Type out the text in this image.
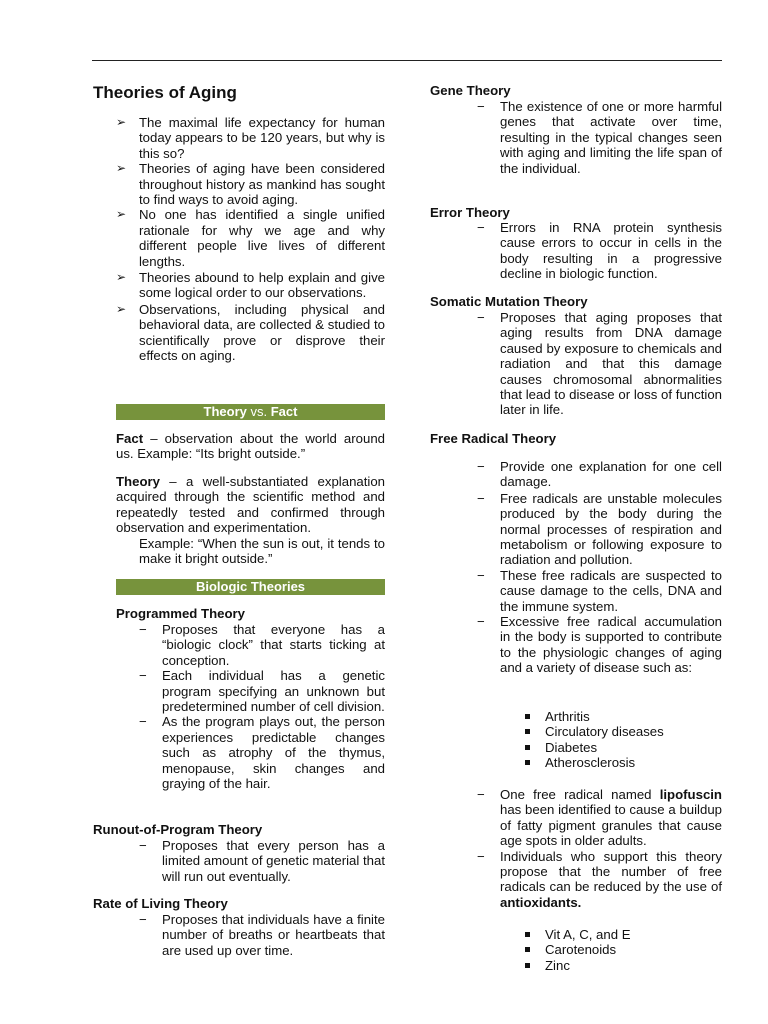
Theories of Aging
➢ The maximal life expectancy for human today appears to be 120 years, but why is this so?
➢ Theories of aging have been considered throughout history as mankind has sought to find ways to avoid aging.
➢ No one has identified a single unified rationale for why we age and why different people live lives of different lengths.
➢ Theories abound to help explain and give some logical order to our observations.
➢ Observations, including physical and behavioral data, are collected & studied to scientifically prove or disprove their effects on aging.
Theory vs. Fact

Fact – observation about the world around us. Example: “Its bright outside.”

Theory – a well-substantiated explanation acquired through the scientific method and repeatedly tested and confirmed through observation and experimentation.

Example: “When the sun is out, it tends to make it bright outside.”

Biologic Theories
Programmed Theory
− Proposes that everyone has a “biologic clock” that starts ticking at conception.
− Each individual has a genetic program specifying an unknown but predetermined number of cell division.
− As the program plays out, the person experiences predictable changes such as atrophy of the thymus, menopause, skin changes and graying of the hair.
Runout-of-Program Theory
− Proposes that every person has a limited amount of genetic material that will run out eventually.
Rate of Living Theory
− Proposes that individuals have a finite number of breaths or heartbeats that are used up over time.
Gene Theory
− The existence of one or more harmful genes that activate over time, resulting in the typical changes seen with aging and limiting the life span of the individual.
Error Theory
− Errors in RNA protein synthesis cause errors to occur in cells in the body resulting in a progressive decline in biologic function.
Somatic Mutation Theory
− Proposes that aging proposes that aging results from DNA damage caused by exposure to chemicals and radiation and that this damage causes chromosomal abnormalities that lead to disease or loss of function later in life.
Free Radical Theory
− Provide one explanation for one cell damage.
− Free radicals are unstable molecules produced by the body during the normal processes of respiration and metabolism or following exposure to radiation and pollution.
− These free radicals are suspected to cause damage to the cells, DNA and the immune system.
− Excessive free radical accumulation in the body is supported to contribute to the physiologic changes of aging and a variety of disease such as:
Arthritis
Circulatory diseases
Diabetes
Atherosclerosis
− One free radical named lipofuscin has been identified to cause a buildup of fatty pigment granules that cause age spots in older adults.
− Individuals who support this theory propose that the number of free radicals can be reduced by the use of antioxidants.
Vit A, C, and E
Carotenoids
Zinc
